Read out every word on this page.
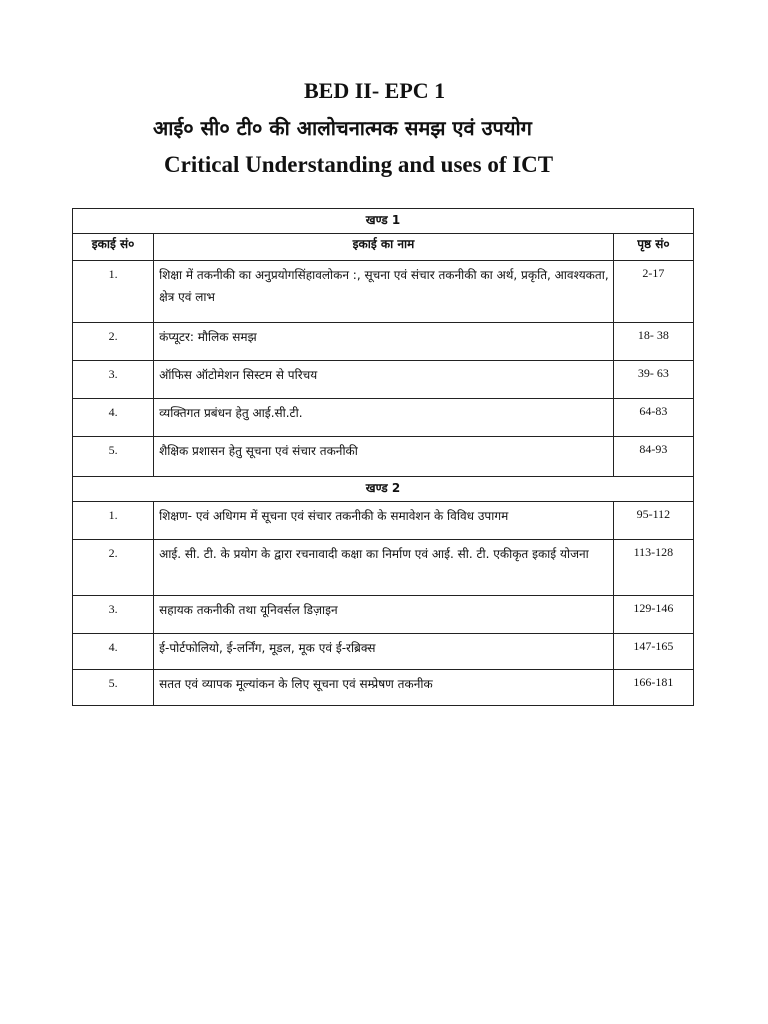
BED II- EPC 1
आई० सी० टी० की आलोचनात्मक समझ एवं उपयोग
Critical Understanding and uses of ICT
खण्ड 1		
इकाई सं०	इकाई का नाम	पृष्ठ सं०
1.	शिक्षा में तकनीकी का अनुप्रयोगसिंहावलोकन :, सूचना एवं संचार तकनीकी का अर्थ, प्रकृति, आवश्यकता, क्षेत्र एवं लाभ	2-17
2.	कंप्यूटर: मौलिक समझ	18- 38
3.	ऑफिस ऑटोमेशन सिस्टम से परिचय	39- 63
4.	व्यक्तिगत प्रबंधन हेतु आई.सी.टी.	64-83
5.	शैक्षिक प्रशासन हेतु सूचना एवं संचार तकनीकी	84-93
खण्ड 2		
1.	शिक्षण- एवं अधिगम में सूचना एवं संचार तकनीकी के समावेशन के विविध उपागम	95-112
2.	आई. सी. टी. के प्रयोग के द्वारा रचनावादी कक्षा का निर्माण एवं आई. सी. टी. एकीकृत इकाई योजना	113-128
3.	सहायक तकनीकी तथा यूनिवर्सल डिज़ाइन	129-146
4.	ई-पोर्टफोलियो, ई-लर्निंग, मूडल, मूक एवं ई-रब्रिक्स	147-165
5.	सतत एवं व्यापक मूल्यांकन के लिए सूचना एवं सम्प्रेषण तकनीक	166-181
